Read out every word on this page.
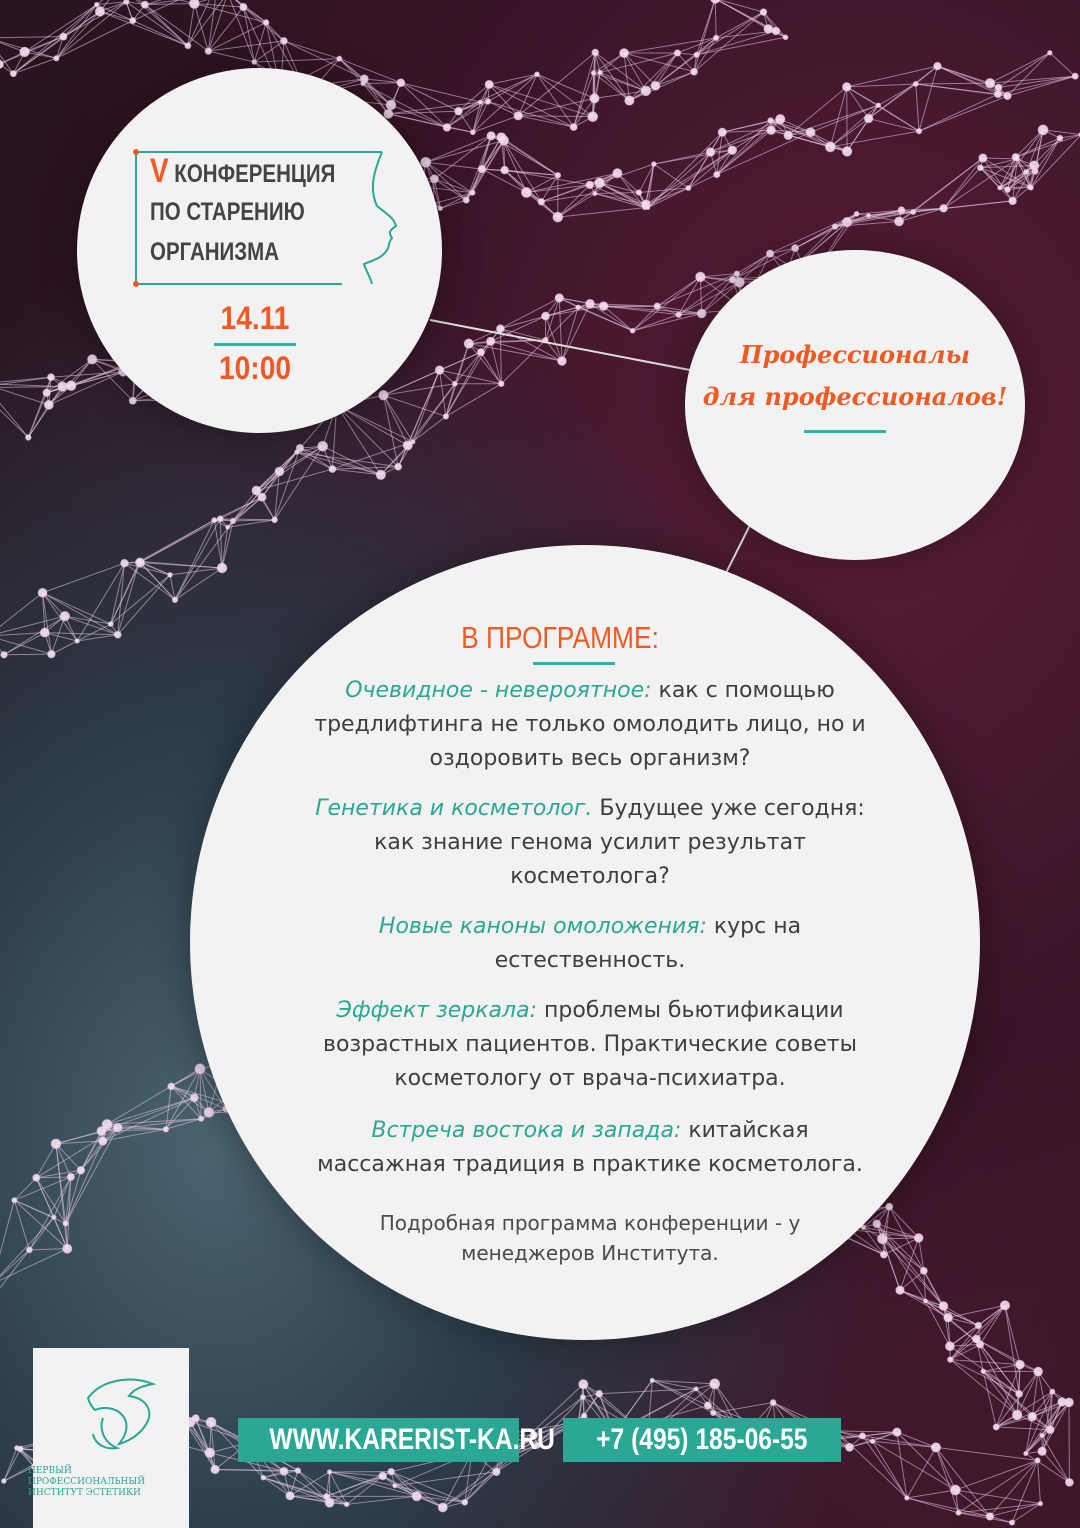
V КОНФЕРЕНЦИЯ
ПО СТАРЕНИЮ
ОРГАНИЗМА
14.11
10:00	Профессионалы
для профессионалов!
В ПРОГРАММЕ:
Очевидное - невероятное: как с помощью
тредлифтинга не только омолодить лицо, но и
оздоровить весь организм?
Генетика и косметолог. Будущее уже сегодня:
как знание генома усилит результат
косметолога?
Новые каноны омоложения: курс на
естественность.
Эффект зеркала: проблемы бьютификации
возрастных пациентов. Практические советы
косметологу от врача-психиатра.
Встреча востока и запада: китайская
массажная традиция в практике косметолога.
Подробная программа конференции - у
менеджеров Института.
ПЕРВЫЙ
ПРОФЕССИОНАЛЬНЫЙ
ИНСТИТУТ ЭСТЕТИКИ
WWW.KARERIST-KA.RU	+7 (495) 185-06-55
